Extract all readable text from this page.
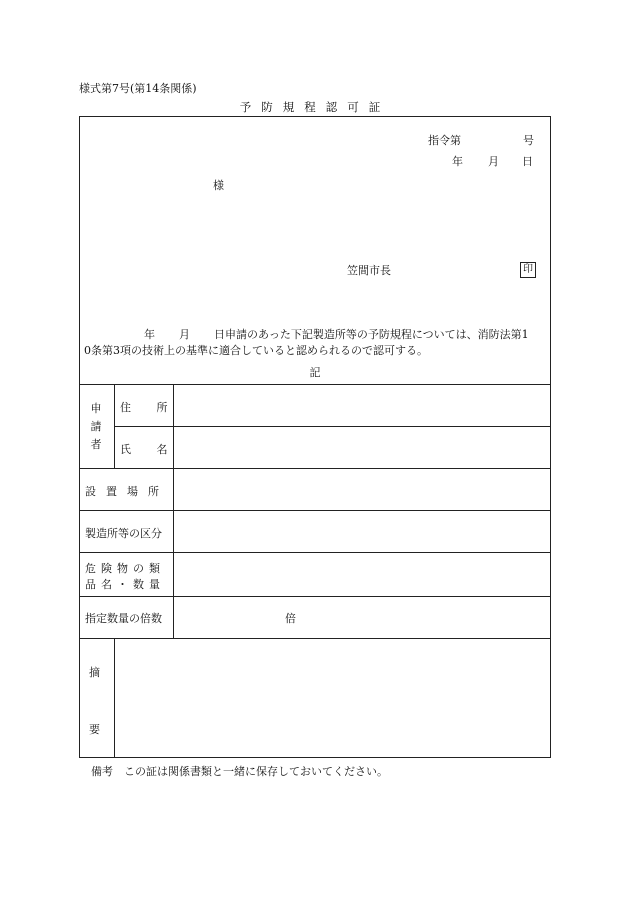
様式第7号(第14条関係)
予防規程認可証
指令第	号
年 月 日
様
笠間市長	印
年 月 日申請のあった下記製造所等の予防規程については、消防法第1
0条第3項の技術上の基準に適合していると認められるので認可する。
記
申
請
者
住 所
氏 名
設置場所
製造所等の区分
危険物の類
品名・数量
指定数量の倍数	倍
摘
要
備考　この証は関係書類と一緒に保存しておいてください。
